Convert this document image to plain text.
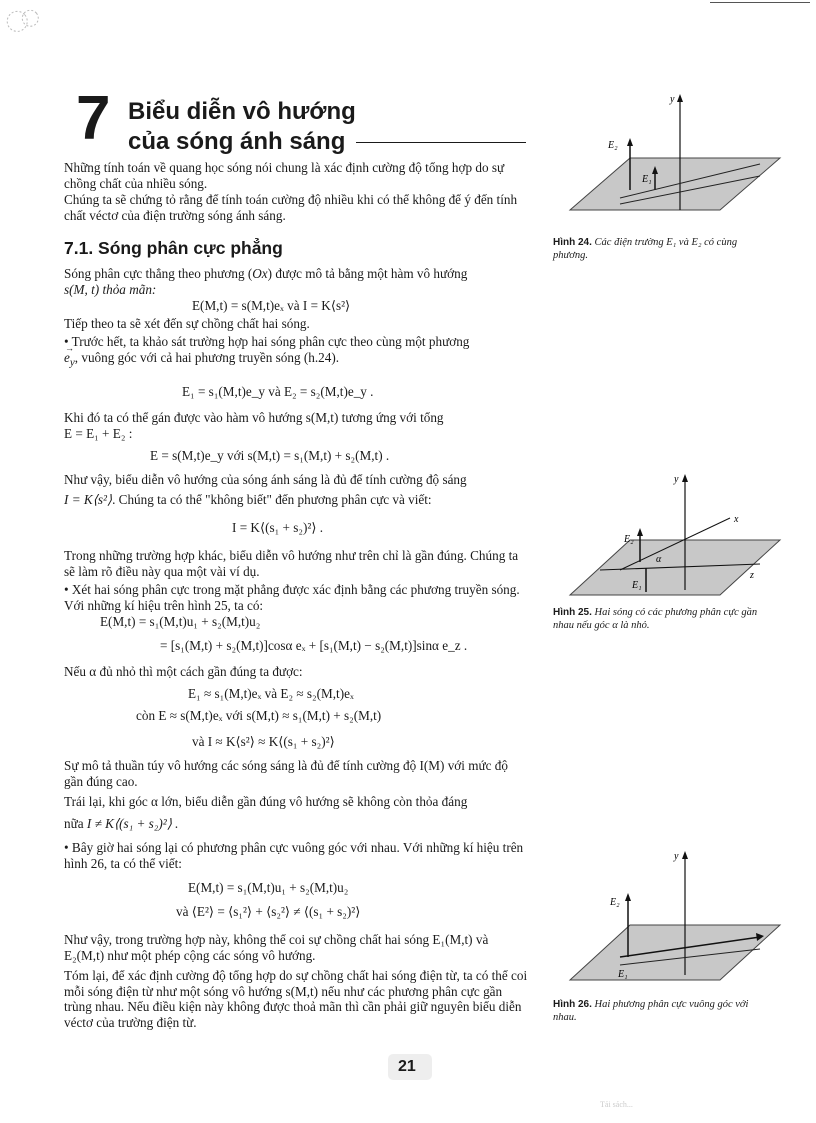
7 Biểu diễn vô hướng
của sóng ánh sáng
Những tính toán về quang học sóng nói chung là xác định cường độ tổng hợp do sự chồng chất của nhiều sóng.
Chúng ta sẽ chứng tỏ rằng để tính toán cường độ nhiều khi có thể không để ý đến tính chất véctơ của điện trường sóng ánh sáng.
7.1. Sóng phân cực phẳng
Sóng phân cực thẳng theo phương (Ox) được mô tả bằng một hàm vô hướng
s(M, t) thỏa mãn:
E(M,t) = s(M,t)eₓ và I = K⟨s²⟩
Tiếp theo ta sẽ xét đến sự chồng chất hai sóng.
• Trước hết, ta khảo sát trường hợp hai sóng phân cực theo cùng một phương
→ $e_y$, vuông góc với cả hai phương truyền sóng (h.24).
E₁ = s₁(M,t)e_y và E₂ = s₂(M,t)e_y .
Khi đó ta có thể gán được vào hàm vô hướng s(M,t) tương ứng với tổng
E = E₁ + E₂ :
E = s(M,t)e_y với s(M,t) = s₁(M,t) + s₂(M,t) .
Như vậy, biểu diễn vô hướng của sóng ánh sáng là đủ để tính cường độ sáng
I = K⟨s²⟩. Chúng ta có thể "không biết" đến phương phân cực và viết:
I = K⟨(s₁ + s₂)²⟩ .
Trong những trường hợp khác, biểu diễn vô hướng như trên chỉ là gần đúng. Chúng ta sẽ làm rõ điều này qua một vài ví dụ.
• Xét hai sóng phân cực trong mặt phẳng được xác định bằng các phương truyền sóng. Với những kí hiệu trên hình 25, ta có:
E(M,t) = s₁(M,t)u₁ + s₂(M,t)u₂
= [s₁(M,t) + s₂(M,t)]cosα eₓ + [s₁(M,t) − s₂(M,t)]sinα e_z .
Nếu α đủ nhỏ thì một cách gần đúng ta được:
E₁ ≈ s₁(M,t)eₓ và E₂ ≈ s₂(M,t)eₓ
còn E ≈ s(M,t)eₓ với s(M,t) ≈ s₁(M,t) + s₂(M,t)
và I ≈ K⟨s²⟩ ≈ K⟨(s₁ + s₂)²⟩
Sự mô tả thuần túy vô hướng các sóng sáng là đủ để tính cường độ I(M) với mức độ gần đúng cao.
Trái lại, khi góc α lớn, biểu diễn gần đúng vô hướng sẽ không còn thỏa đáng
nữa I ≠ K⟨(s₁ + s₂)²⟩ .
• Bây giờ hai sóng lại có phương phân cực vuông góc với nhau. Với những kí hiệu trên hình 26, ta có thể viết:
E(M,t) = s₁(M,t)u₁ + s₂(M,t)u₂
và ⟨E²⟩ = ⟨s₁²⟩ + ⟨s₂²⟩ ≠ ⟨(s₁ + s₂)²⟩
Như vậy, trong trường hợp này, không thể coi sự chồng chất hai sóng E₁(M,t) và E₂(M,t) như một phép cộng các sóng vô hướng.
Tóm lại, để xác định cường độ tổng hợp do sự chồng chất hai sóng điện từ, ta có thể coi mỗi sóng điện từ như một sóng vô hướng s(M,t) nếu như các phương phân cực gần trùng nhau. Nếu điều kiện này không được thoả mãn thì cần phải giữ nguyên biểu diễn véctơ của trường điện từ.
y
E₂
E₁
Hình 24. Các điện trường E₁ và E₂ có cùng phương.
y
z
x
E₂
E₁
α
Hình 25. Hai sóng có các phương phân cực gần nhau nếu góc α là nhỏ.
y
E₂
E₁
Hình 26. Hai phương phân cực vuông góc với nhau.
21
Tải sách...
